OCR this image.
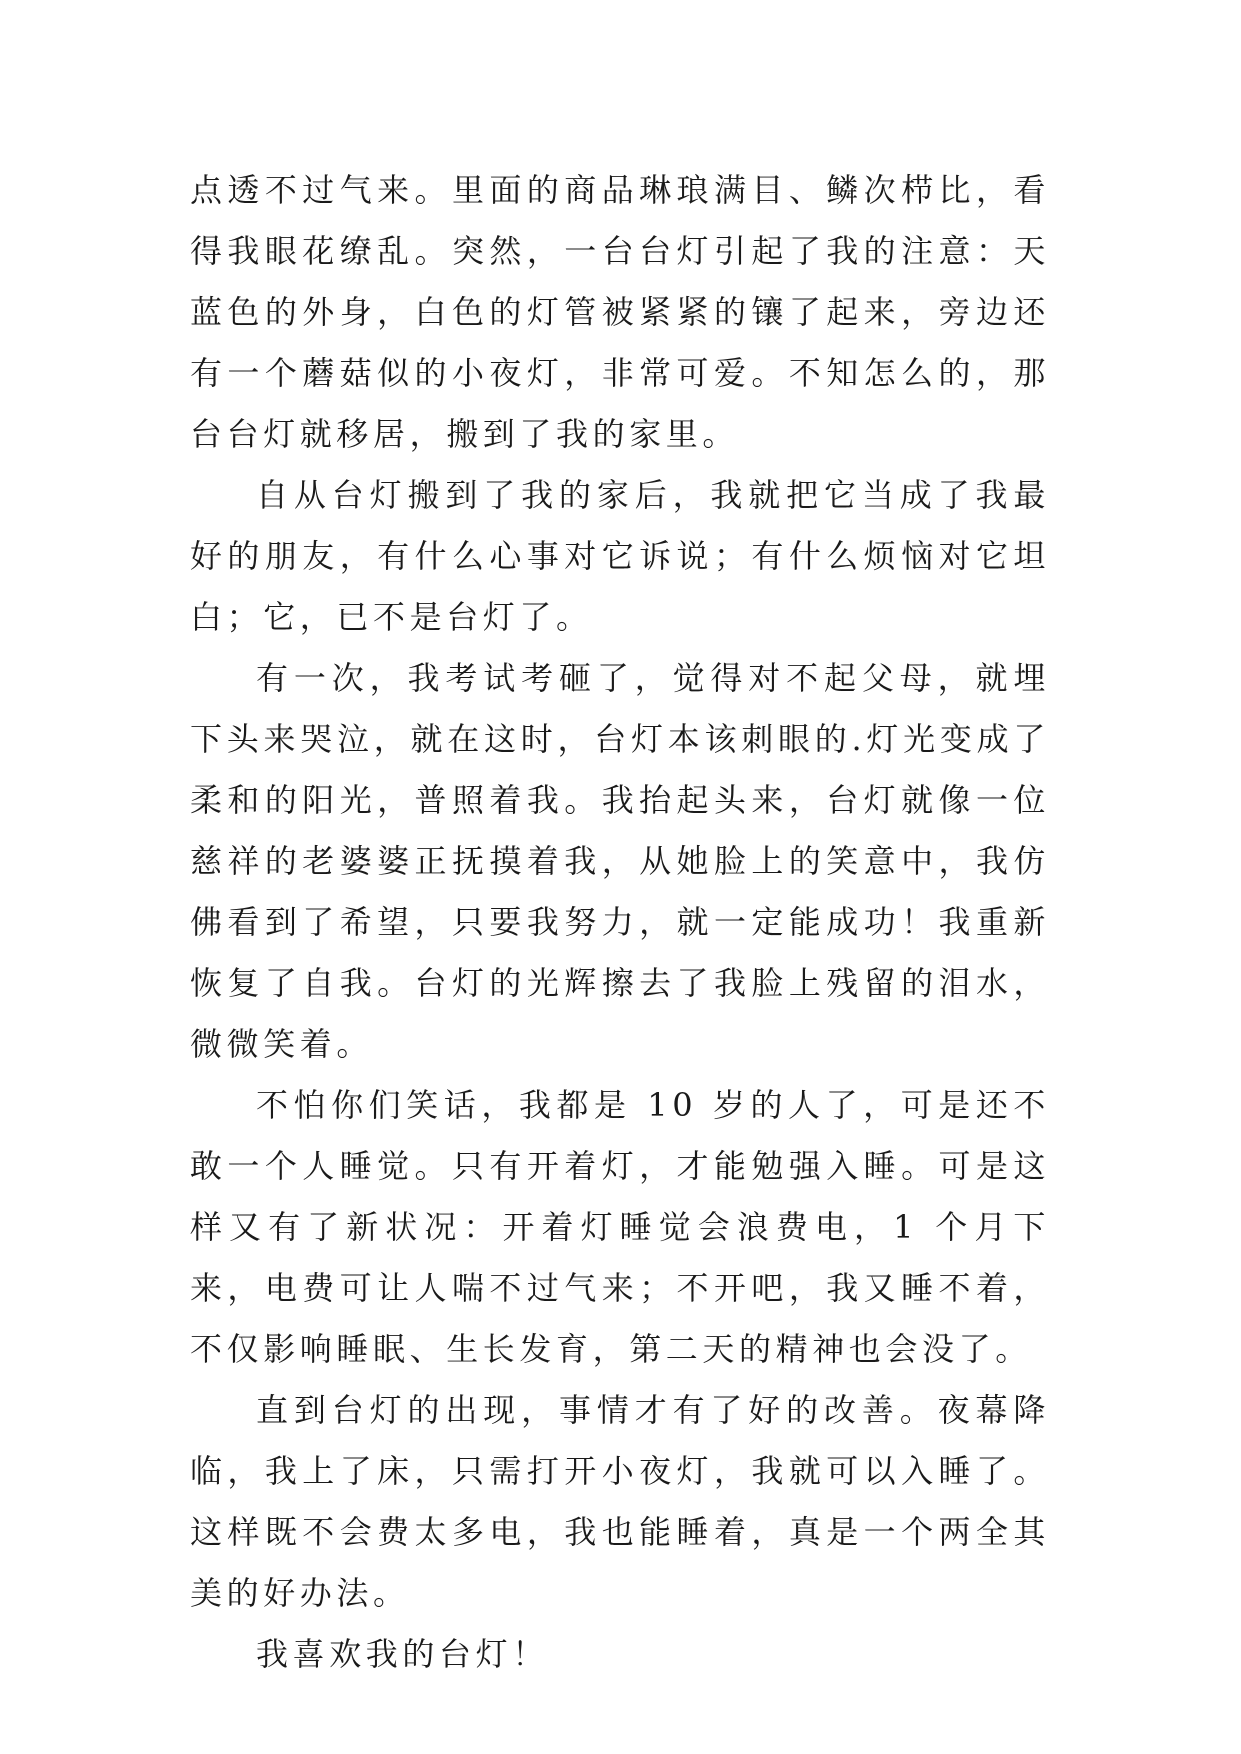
点透不过气来。里面的商品琳琅满目、鳞次栉比，看得我眼花缭乱。突然，一台台灯引起了我的注意：天蓝色的外身，白色的灯管被紧紧的镶了起来，旁边还有一个蘑菇似的小夜灯，非常可爱。不知怎么的，那台台灯就移居，搬到了我的家里。

自从台灯搬到了我的家后，我就把它当成了我最好的朋友，有什么心事对它诉说；有什么烦恼对它坦白；它，已不是台灯了。

有一次，我考试考砸了，觉得对不起父母，就埋下头来哭泣，就在这时，台灯本该刺眼的.灯光变成了柔和的阳光，普照着我。我抬起头来，台灯就像一位慈祥的老婆婆正抚摸着我，从她脸上的笑意中，我仿佛看到了希望，只要我努力，就一定能成功！我重新恢复了自我。台灯的光辉擦去了我脸上残留的泪水，微微笑着。

不怕你们笑话，我都是 10 岁的人了，可是还不敢一个人睡觉。只有开着灯，才能勉强入睡。可是这样又有了新状况：开着灯睡觉会浪费电，1 个月下来，电费可让人喘不过气来；不开吧，我又睡不着，不仅影响睡眠、生长发育，第二天的精神也会没了。

直到台灯的出现，事情才有了好的改善。夜幕降临，我上了床，只需打开小夜灯，我就可以入睡了。这样既不会费太多电，我也能睡着，真是一个两全其美的好办法。

我喜欢我的台灯！
